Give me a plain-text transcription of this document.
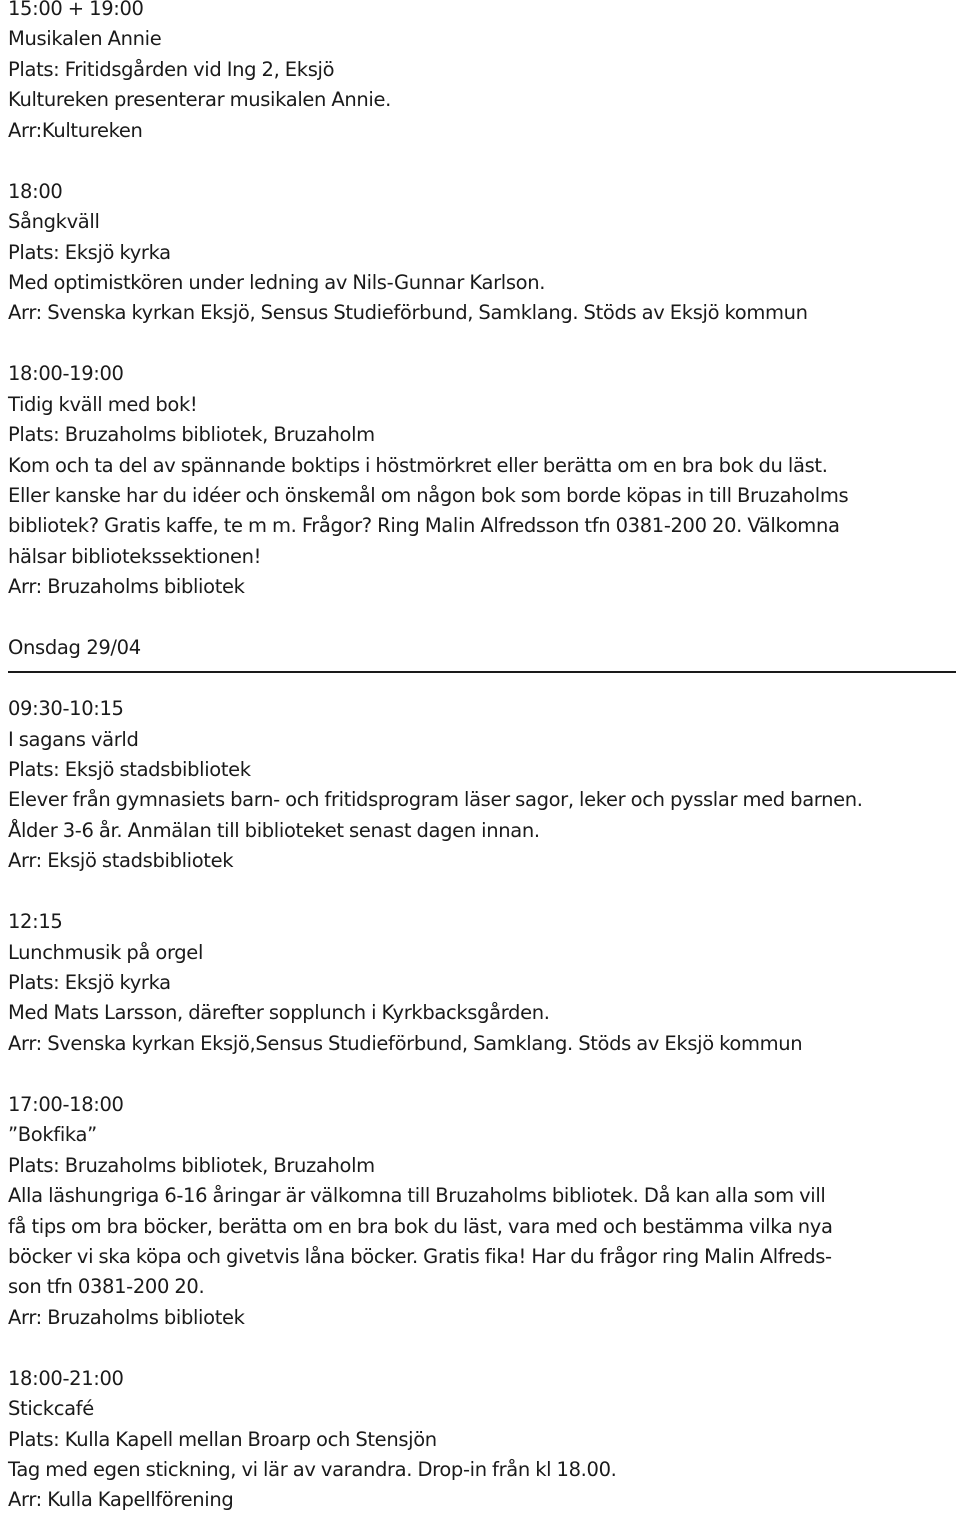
15:00 + 19:00
Musikalen Annie
Plats: Fritidsgården vid Ing 2, Eksjö
Kultureken presenterar musikalen Annie.
Arr:Kultureken
18:00
Sångkväll
Plats: Eksjö kyrka
Med optimistkören under ledning av Nils-Gunnar Karlson.
Arr: Svenska kyrkan Eksjö, Sensus Studieförbund, Samklang. Stöds av Eksjö kommun
18:00-19:00
Tidig kväll med bok!
Plats: Bruzaholms bibliotek, Bruzaholm
Kom och ta del av spännande boktips i höstmörkret eller berätta om en bra bok du läst.
Eller kanske har du idéer och önskemål om någon bok som borde köpas in till Bruzaholms
bibliotek? Gratis kaffe, te m m. Frågor? Ring Malin Alfredsson tfn 0381-200 20. Välkomna
hälsar bibliotekssektionen!
Arr: Bruzaholms bibliotek
Onsdag 29/04
09:30-10:15
I sagans värld
Plats: Eksjö stadsbibliotek
Elever från gymnasiets barn- och fritidsprogram läser sagor, leker och pysslar med barnen.
Ålder 3-6 år. Anmälan till biblioteket senast dagen innan.
Arr: Eksjö stadsbibliotek
12:15
Lunchmusik på orgel
Plats: Eksjö kyrka
Med Mats Larsson, därefter sopplunch i Kyrkbacksgården.
Arr: Svenska kyrkan Eksjö,Sensus Studieförbund, Samklang. Stöds av Eksjö kommun
17:00-18:00
”Bokfika”
Plats: Bruzaholms bibliotek, Bruzaholm
Alla läshungriga 6-16 åringar är välkomna till Bruzaholms bibliotek. Då kan alla som vill
få tips om bra böcker, berätta om en bra bok du läst, vara med och bestämma vilka nya
böcker vi ska köpa och givetvis låna böcker. Gratis fika! Har du frågor ring Malin Alfreds-
son tfn 0381-200 20.
Arr: Bruzaholms bibliotek
18:00-21:00
Stickcafé
Plats: Kulla Kapell mellan Broarp och Stensjön
Tag med egen stickning, vi lär av varandra. Drop-in från kl 18.00.
Arr: Kulla Kapellförening
